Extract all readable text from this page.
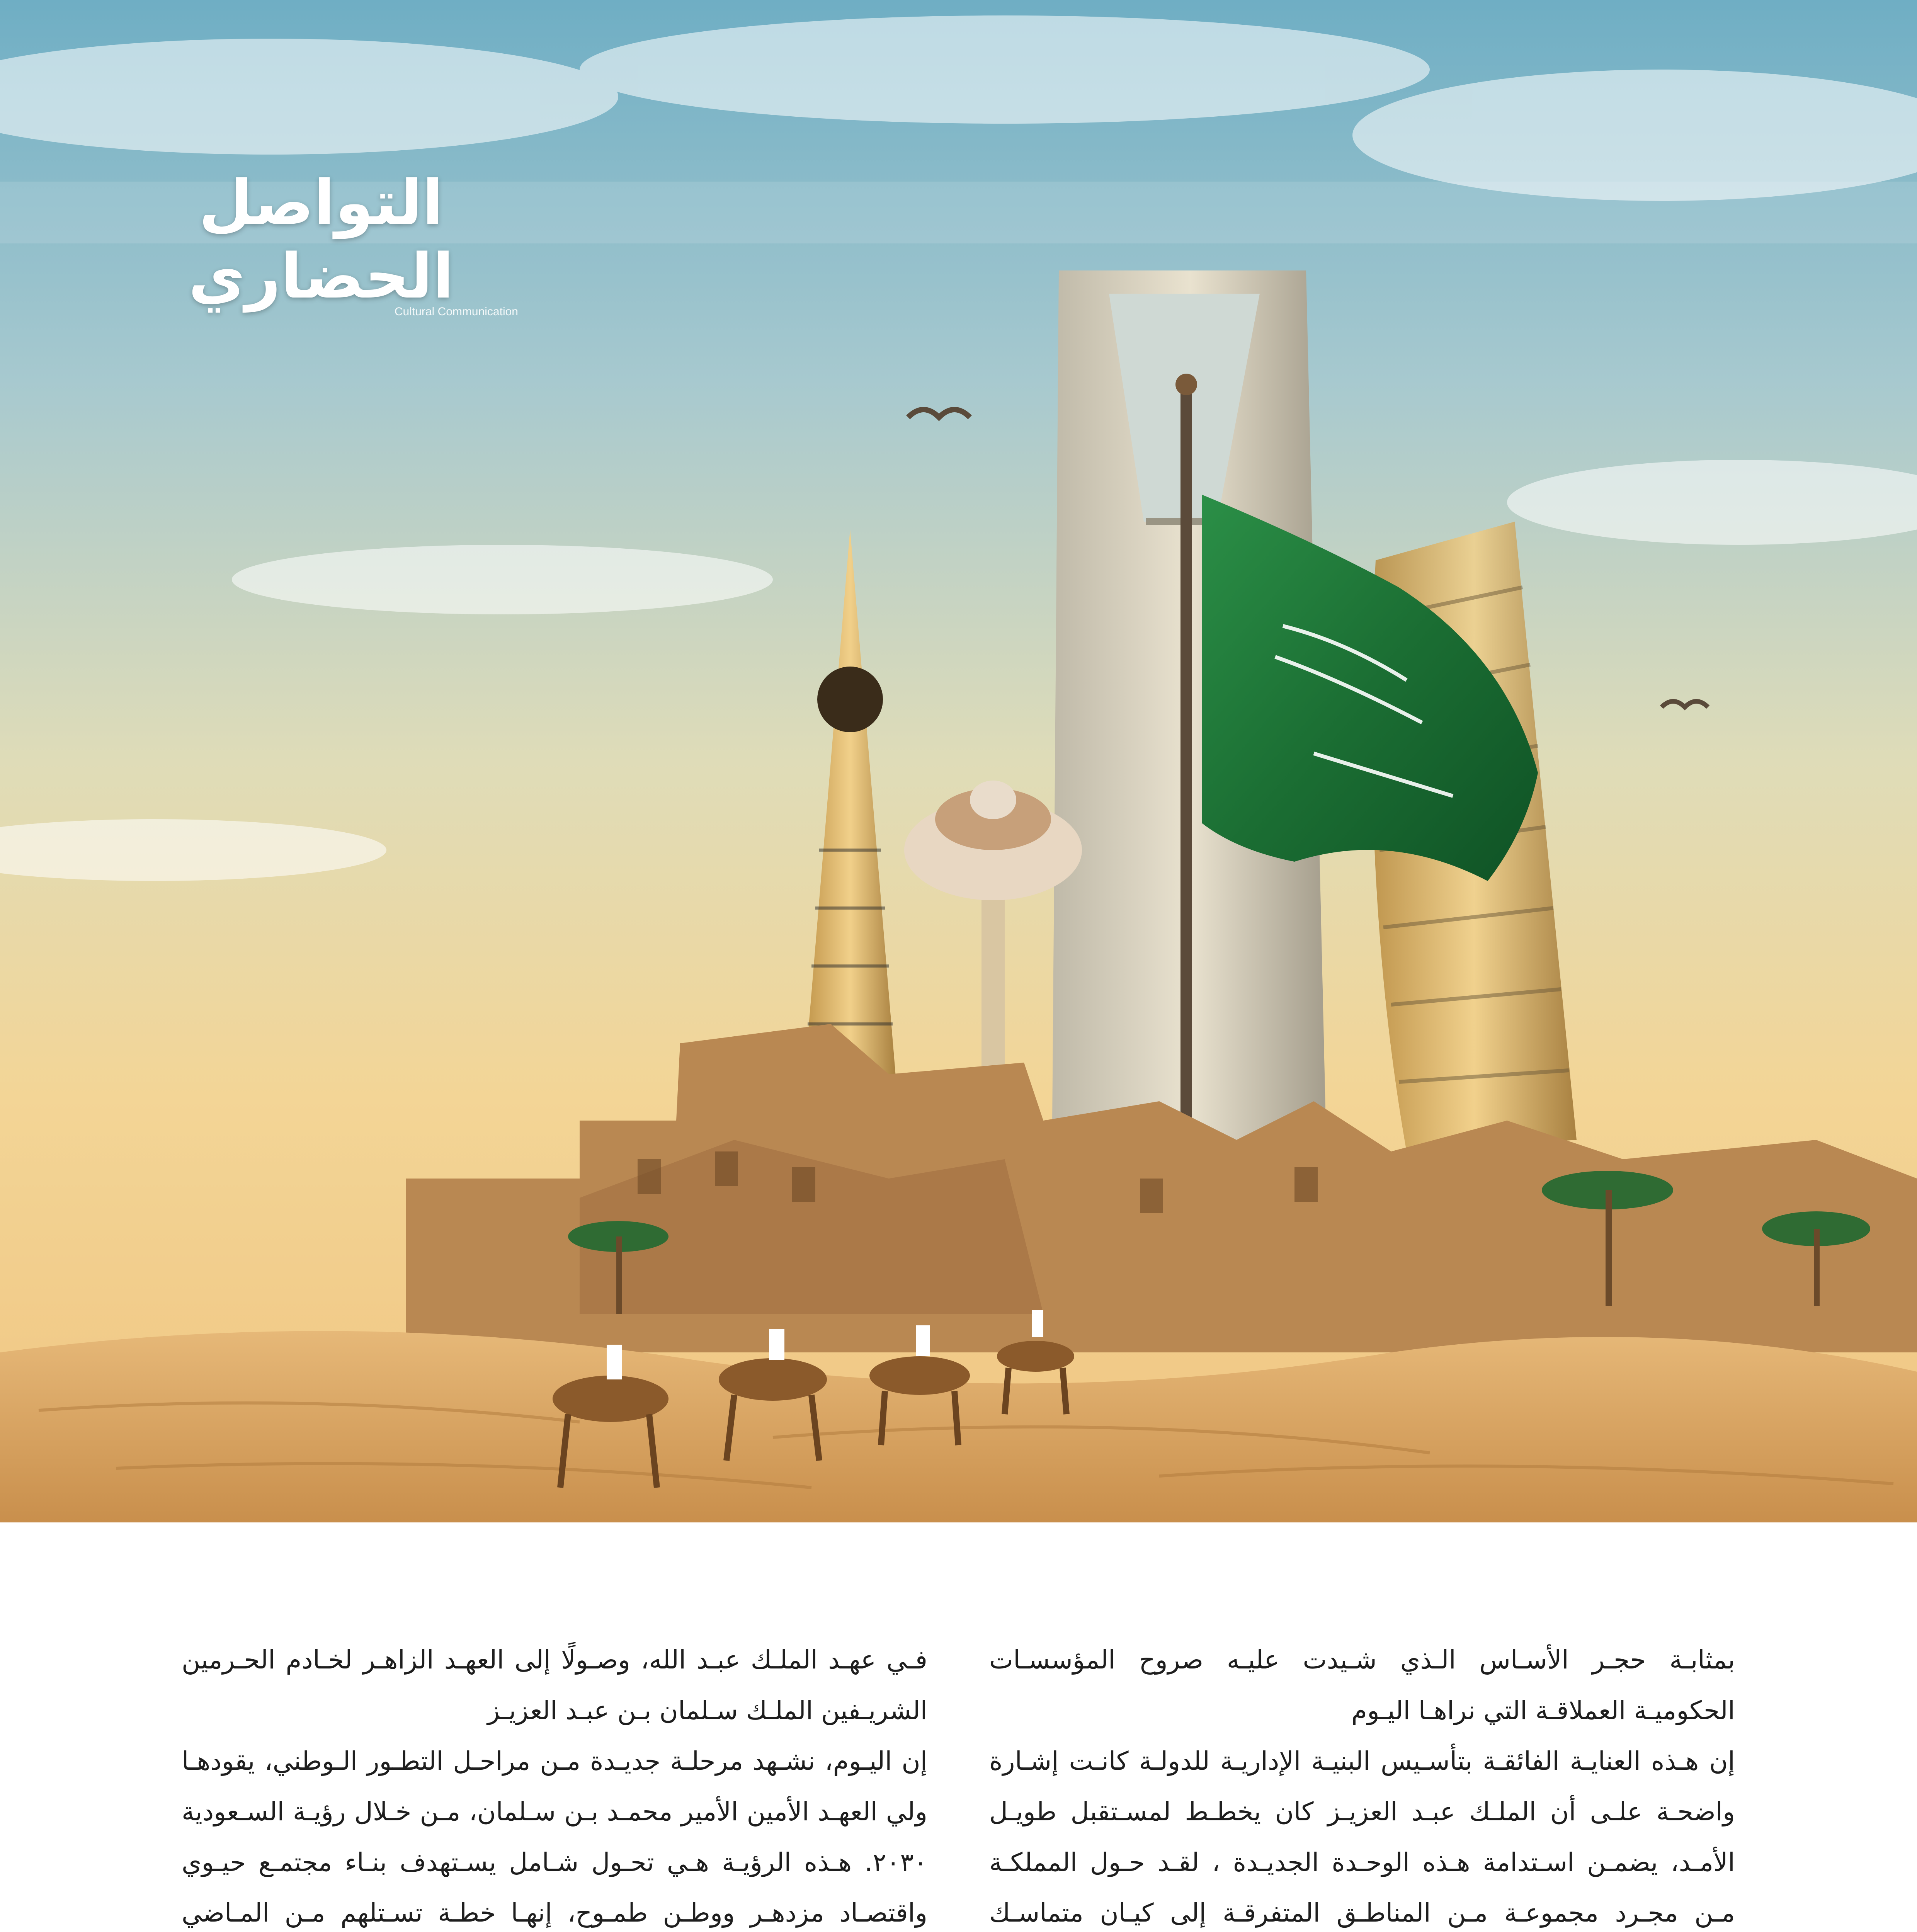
التواصل الحضاري
Cultural Communication

بمثابـة حجـر الأسـاس الـذي شـيدت عليـه صروح المؤسسـات الحكوميـة العملاقـة التي نراهـا اليـوم

إن هـذه العنايـة الفائقـة بتأسـيس البنيـة الإداريـة للدولـة كانـت إشـارة واضحـة علـى أن الملـك عبـد العزيـز كان يخطـط لمسـتقبل طويـل الأمـد، يضمـن اسـتدامة هـذه الوحـدة الجديـدة ، لقـد حـول المملكـة مـن مجـرد مجموعـة مـن المناطـق المتفرقـة إلى كيـان متماسـك

فـي عهـد الملـك عبـد الله، وصـولًا إلى العهـد الزاهـر لخـادم الحـرمين الشريـفين الملـك سـلمان بـن عبـد العزيـز

إن اليـوم، نشـهد مرحلـة جديـدة مـن مراحـل التطـور الـوطني، يقودهـا ولي العهـد الأمين الأمير محمـد بـن سـلمان، مـن خـلال رؤيـة السـعودية ٢٠٣٠. هـذه الرؤيـة هـي تحـول شـامل يسـتهدف بنـاء مجتمـع حيـوي واقتصـاد مزدهـر ووطـن طمـوح، إنهـا خطـة تسـتلهم مـن المـاضي
